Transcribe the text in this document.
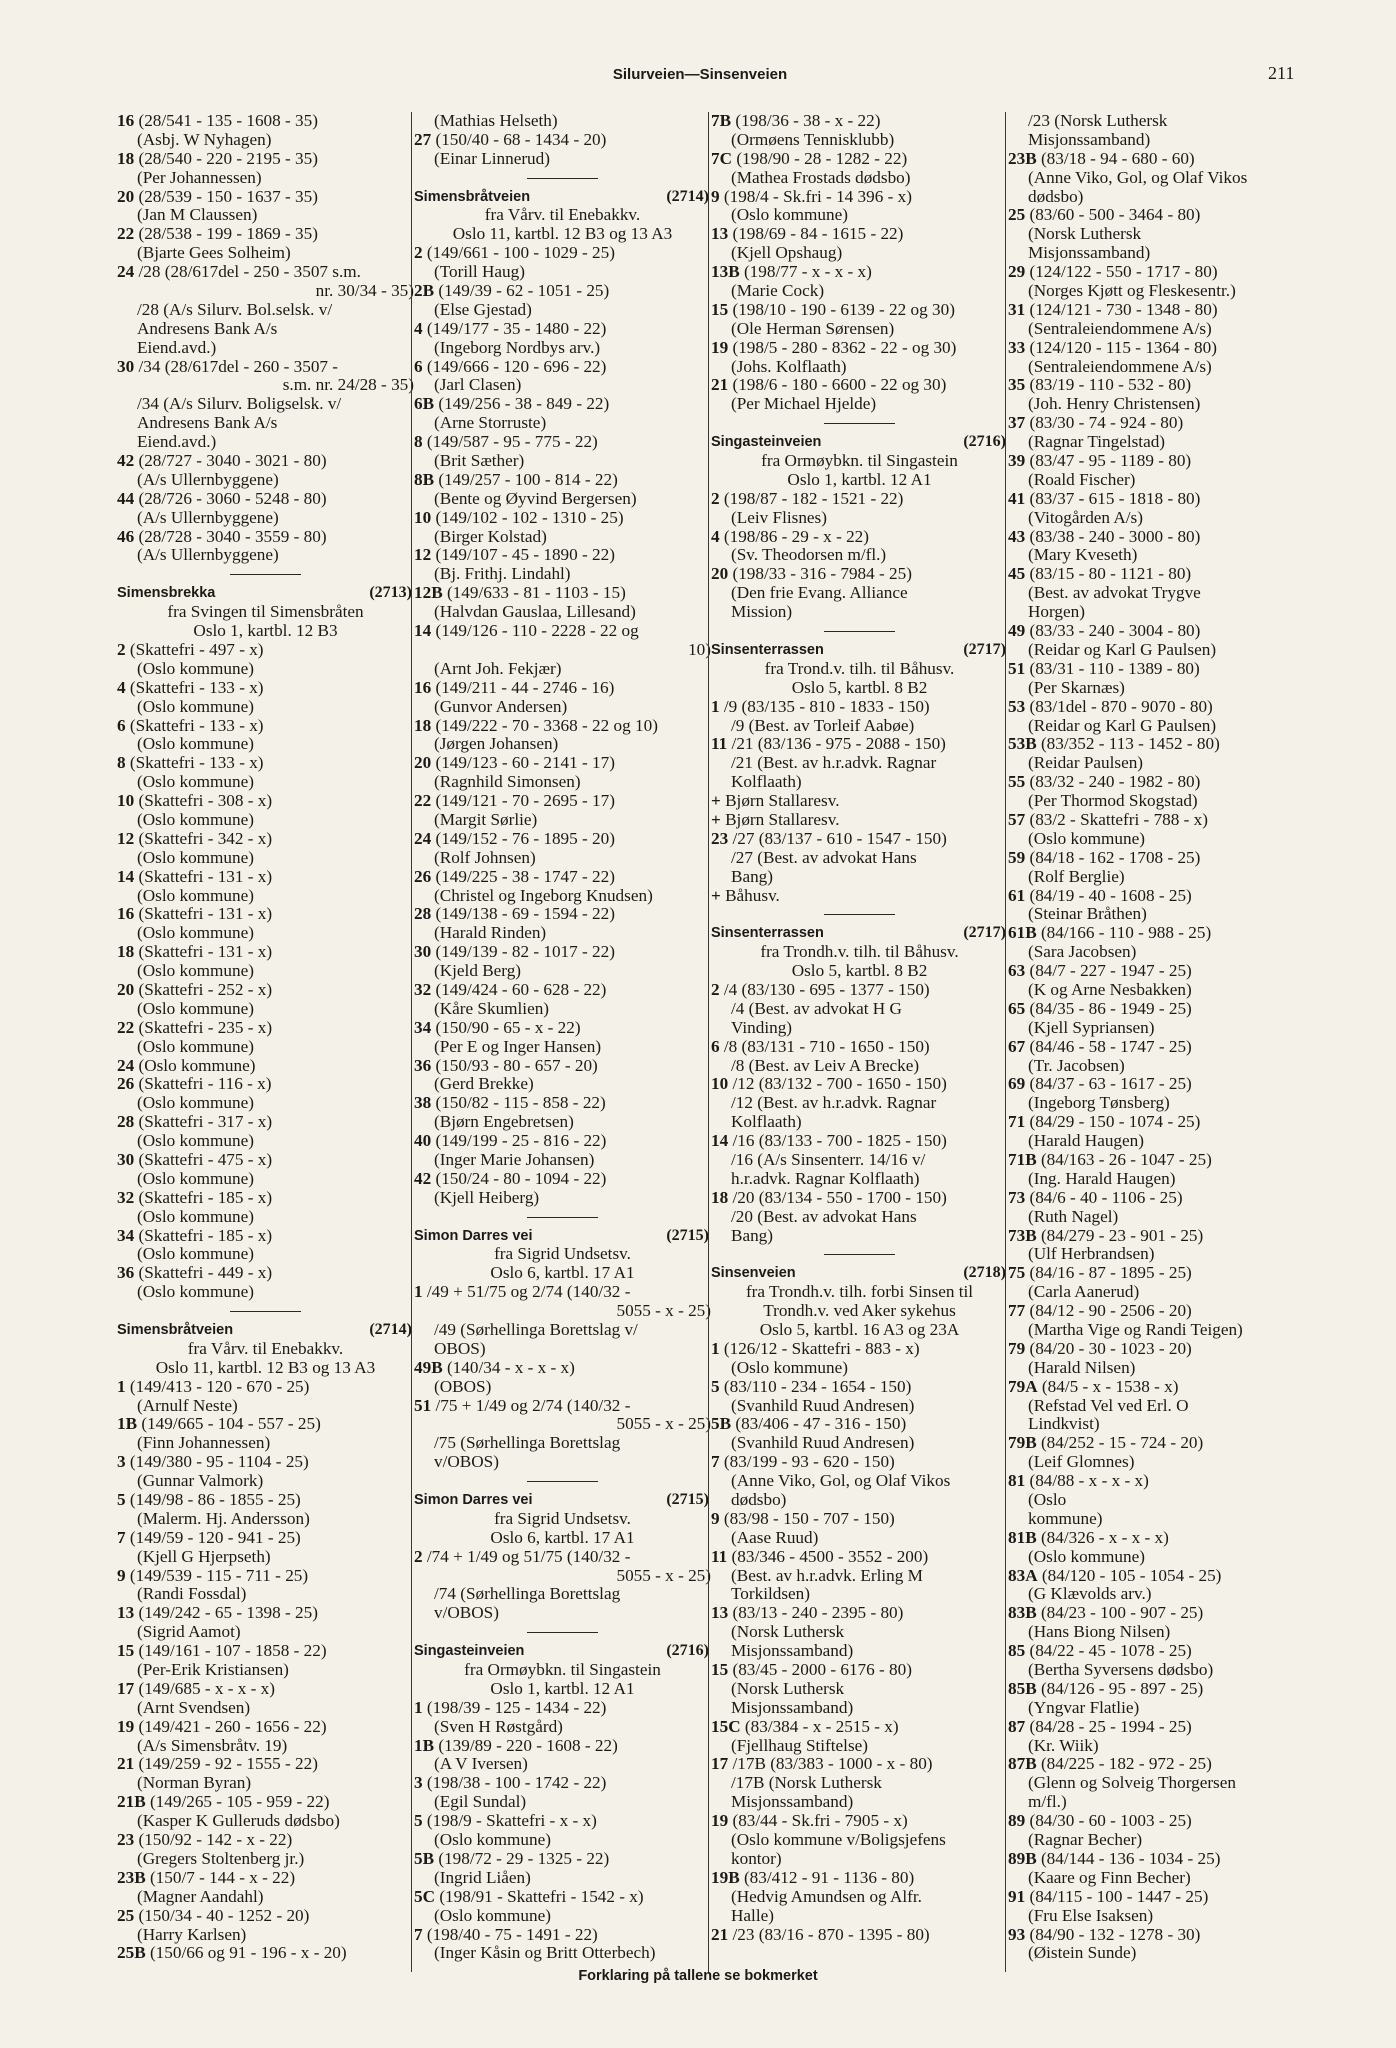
Silurveien—Sinsenveien	211
16 (28/541 - 135 - 1608 - 35)
(Asbj. W Nyhagen)
18 (28/540 - 220 - 2195 - 35)
(Per Johannessen)
20 (28/539 - 150 - 1637 - 35)
(Jan M Claussen)
22 (28/538 - 199 - 1869 - 35)
(Bjarte Gees Solheim)
24 /28 (28/617del - 250 - 3507 s.m.
nr. 30/34 - 35)
/28 (A/s Silurv. Bol.selsk. v/
Andresens Bank A/s
Eiend.avd.)
30 /34 (28/617del - 260 - 3507 -
s.m. nr. 24/28 - 35)
/34 (A/s Silurv. Boligselsk. v/
Andresens Bank A/s
Eiend.avd.)
42 (28/727 - 3040 - 3021 - 80)
(A/s Ullernbyggene)
44 (28/726 - 3060 - 5248 - 80)
(A/s Ullernbyggene)
46 (28/728 - 3040 - 3559 - 80)
(A/s Ullernbyggene)
Simensbrekka	(2713)
fra Svingen til Simensbråten
Oslo 1, kartbl. 12 B3
2 (Skattefri - 497 - x)
(Oslo kommune)
4 (Skattefri - 133 - x)
(Oslo kommune)
6 (Skattefri - 133 - x)
(Oslo kommune)
8 (Skattefri - 133 - x)
(Oslo kommune)
10 (Skattefri - 308 - x)
(Oslo kommune)
12 (Skattefri - 342 - x)
(Oslo kommune)
14 (Skattefri - 131 - x)
(Oslo kommune)
16 (Skattefri - 131 - x)
(Oslo kommune)
18 (Skattefri - 131 - x)
(Oslo kommune)
20 (Skattefri - 252 - x)
(Oslo kommune)
22 (Skattefri - 235 - x)
(Oslo kommune)
24 (Oslo kommune)
26 (Skattefri - 116 - x)
(Oslo kommune)
28 (Skattefri - 317 - x)
(Oslo kommune)
30 (Skattefri - 475 - x)
(Oslo kommune)
32 (Skattefri - 185 - x)
(Oslo kommune)
34 (Skattefri - 185 - x)
(Oslo kommune)
36 (Skattefri - 449 - x)
(Oslo kommune)
Simensbråtveien	(2714)
fra Vårv. til Enebakkv.
Oslo 11, kartbl. 12 B3 og 13 A3
1 (149/413 - 120 - 670 - 25)
(Arnulf Neste)
1B (149/665 - 104 - 557 - 25)
(Finn Johannessen)
3 (149/380 - 95 - 1104 - 25)
(Gunnar Valmork)
5 (149/98 - 86 - 1855 - 25)
(Malerm. Hj. Andersson)
7 (149/59 - 120 - 941 - 25)
(Kjell G Hjerpseth)
9 (149/539 - 115 - 711 - 25)
(Randi Fossdal)
13 (149/242 - 65 - 1398 - 25)
(Sigrid Aamot)
15 (149/161 - 107 - 1858 - 22)
(Per-Erik Kristiansen)
17 (149/685 - x - x - x)
(Arnt Svendsen)
19 (149/421 - 260 - 1656 - 22)
(A/s Simensbråtv. 19)
21 (149/259 - 92 - 1555 - 22)
(Norman Byran)
21B (149/265 - 105 - 959 - 22)
(Kasper K Gulleruds dødsbo)
23 (150/92 - 142 - x - 22)
(Gregers Stoltenberg jr.)
23B (150/7 - 144 - x - 22)
(Magner Aandahl)
25 (150/34 - 40 - 1252 - 20)
(Harry Karlsen)
25B (150/66 og 91 - 196 - x - 20)
(Mathias Helseth)
27 (150/40 - 68 - 1434 - 20)
(Einar Linnerud)
Simensbråtveien	(2714)
fra Vårv. til Enebakkv.
Oslo 11, kartbl. 12 B3 og 13 A3
2 (149/661 - 100 - 1029 - 25)
(Torill Haug)
2B (149/39 - 62 - 1051 - 25)
(Else Gjestad)
4 (149/177 - 35 - 1480 - 22)
(Ingeborg Nordbys arv.)
6 (149/666 - 120 - 696 - 22)
(Jarl Clasen)
6B (149/256 - 38 - 849 - 22)
(Arne Storruste)
8 (149/587 - 95 - 775 - 22)
(Brit Sæther)
8B (149/257 - 100 - 814 - 22)
(Bente og Øyvind Bergersen)
10 (149/102 - 102 - 1310 - 25)
(Birger Kolstad)
12 (149/107 - 45 - 1890 - 22)
(Bj. Frithj. Lindahl)
12B (149/633 - 81 - 1103 - 15)
(Halvdan Gauslaa, Lillesand)
14 (149/126 - 110 - 2228 - 22 og
10)
(Arnt Joh. Fekjær)
16 (149/211 - 44 - 2746 - 16)
(Gunvor Andersen)
18 (149/222 - 70 - 3368 - 22 og 10)
(Jørgen Johansen)
20 (149/123 - 60 - 2141 - 17)
(Ragnhild Simonsen)
22 (149/121 - 70 - 2695 - 17)
(Margit Sørlie)
24 (149/152 - 76 - 1895 - 20)
(Rolf Johnsen)
26 (149/225 - 38 - 1747 - 22)
(Christel og Ingeborg Knudsen)
28 (149/138 - 69 - 1594 - 22)
(Harald Rinden)
30 (149/139 - 82 - 1017 - 22)
(Kjeld Berg)
32 (149/424 - 60 - 628 - 22)
(Kåre Skumlien)
34 (150/90 - 65 - x - 22)
(Per E og Inger Hansen)
36 (150/93 - 80 - 657 - 20)
(Gerd Brekke)
38 (150/82 - 115 - 858 - 22)
(Bjørn Engebretsen)
40 (149/199 - 25 - 816 - 22)
(Inger Marie Johansen)
42 (150/24 - 80 - 1094 - 22)
(Kjell Heiberg)
Simon Darres vei	(2715)
fra Sigrid Undsetsv.
Oslo 6, kartbl. 17 A1
1 /49 + 51/75 og 2/74 (140/32 -
5055 - x - 25)
/49 (Sørhellinga Borettslag v/
OBOS)
49B (140/34 - x - x - x)
(OBOS)
51 /75 + 1/49 og 2/74 (140/32 -
5055 - x - 25)
/75 (Sørhellinga Borettslag
v/OBOS)
Simon Darres vei	(2715)
fra Sigrid Undsetsv.
Oslo 6, kartbl. 17 A1
2 /74 + 1/49 og 51/75 (140/32 -
5055 - x - 25)
/74 (Sørhellinga Borettslag
v/OBOS)
Singasteinveien	(2716)
fra Ormøybkn. til Singastein
Oslo 1, kartbl. 12 A1
1 (198/39 - 125 - 1434 - 22)
(Sven H Røstgård)
1B (139/89 - 220 - 1608 - 22)
(A V Iversen)
3 (198/38 - 100 - 1742 - 22)
(Egil Sundal)
5 (198/9 - Skattefri - x - x)
(Oslo kommune)
5B (198/72 - 29 - 1325 - 22)
(Ingrid Liåen)
5C (198/91 - Skattefri - 1542 - x)
(Oslo kommune)
7 (198/40 - 75 - 1491 - 22)
(Inger Kåsin og Britt Otterbech)
7B (198/36 - 38 - x - 22)
(Ormøens Tennisklubb)
7C (198/90 - 28 - 1282 - 22)
(Mathea Frostads dødsbo)
9 (198/4 - Sk.fri - 14 396 - x)
(Oslo kommune)
13 (198/69 - 84 - 1615 - 22)
(Kjell Opshaug)
13B (198/77 - x - x - x)
(Marie Cock)
15 (198/10 - 190 - 6139 - 22 og 30)
(Ole Herman Sørensen)
19 (198/5 - 280 - 8362 - 22 - og 30)
(Johs. Kolflaath)
21 (198/6 - 180 - 6600 - 22 og 30)
(Per Michael Hjelde)
Singasteinveien	(2716)
fra Ormøybkn. til Singastein
Oslo 1, kartbl. 12 A1
2 (198/87 - 182 - 1521 - 22)
(Leiv Flisnes)
4 (198/86 - 29 - x - 22)
(Sv. Theodorsen m/fl.)
20 (198/33 - 316 - 7984 - 25)
(Den frie Evang. Alliance
Mission)
Sinsenterrassen	(2717)
fra Trond.v. tilh. til Båhusv.
Oslo 5, kartbl. 8 B2
1 /9 (83/135 - 810 - 1833 - 150)
/9 (Best. av Torleif Aabøe)
11 /21 (83/136 - 975 - 2088 - 150)
/21 (Best. av h.r.advk. Ragnar
Kolflaath)
+ Bjørn Stallaresv.
+ Bjørn Stallaresv.
23 /27 (83/137 - 610 - 1547 - 150)
/27 (Best. av advokat Hans
Bang)
+ Båhusv.
Sinsenterrassen	(2717)
fra Trondh.v. tilh. til Båhusv.
Oslo 5, kartbl. 8 B2
2 /4 (83/130 - 695 - 1377 - 150)
/4 (Best. av advokat H G
Vinding)
6 /8 (83/131 - 710 - 1650 - 150)
/8 (Best. av Leiv A Brecke)
10 /12 (83/132 - 700 - 1650 - 150)
/12 (Best. av h.r.advk. Ragnar
Kolflaath)
14 /16 (83/133 - 700 - 1825 - 150)
/16 (A/s Sinsenterr. 14/16 v/
h.r.advk. Ragnar Kolflaath)
18 /20 (83/134 - 550 - 1700 - 150)
/20 (Best. av advokat Hans
Bang)
Sinsenveien	(2718)
fra Trondh.v. tilh. forbi Sinsen til
Trondh.v. ved Aker sykehus
Oslo 5, kartbl. 16 A3 og 23A
1 (126/12 - Skattefri - 883 - x)
(Oslo kommune)
5 (83/110 - 234 - 1654 - 150)
(Svanhild Ruud Andresen)
5B (83/406 - 47 - 316 - 150)
(Svanhild Ruud Andresen)
7 (83/199 - 93 - 620 - 150)
(Anne Viko, Gol, og Olaf Vikos
dødsbo)
9 (83/98 - 150 - 707 - 150)
(Aase Ruud)
11 (83/346 - 4500 - 3552 - 200)
(Best. av h.r.advk. Erling M
Torkildsen)
13 (83/13 - 240 - 2395 - 80)
(Norsk Luthersk
Misjonssamband)
15 (83/45 - 2000 - 6176 - 80)
(Norsk Luthersk
Misjonssamband)
15C (83/384 - x - 2515 - x)
(Fjellhaug Stiftelse)
17 /17B (83/383 - 1000 - x - 80)
/17B (Norsk Luthersk
Misjonssamband)
19 (83/44 - Sk.fri - 7905 - x)
(Oslo kommune v/Boligsjefens
kontor)
19B (83/412 - 91 - 1136 - 80)
(Hedvig Amundsen og Alfr.
Halle)
21 /23 (83/16 - 870 - 1395 - 80)
/23 (Norsk Luthersk
Misjonssamband)
23B (83/18 - 94 - 680 - 60)
(Anne Viko, Gol, og Olaf Vikos
dødsbo)
25 (83/60 - 500 - 3464 - 80)
(Norsk Luthersk
Misjonssamband)
29 (124/122 - 550 - 1717 - 80)
(Norges Kjøtt og Fleskesentr.)
31 (124/121 - 730 - 1348 - 80)
(Sentraleiendommene A/s)
33 (124/120 - 115 - 1364 - 80)
(Sentraleiendommene A/s)
35 (83/19 - 110 - 532 - 80)
(Joh. Henry Christensen)
37 (83/30 - 74 - 924 - 80)
(Ragnar Tingelstad)
39 (83/47 - 95 - 1189 - 80)
(Roald Fischer)
41 (83/37 - 615 - 1818 - 80)
(Vitogården A/s)
43 (83/38 - 240 - 3000 - 80)
(Mary Kveseth)
45 (83/15 - 80 - 1121 - 80)
(Best. av advokat Trygve
Horgen)
49 (83/33 - 240 - 3004 - 80)
(Reidar og Karl G Paulsen)
51 (83/31 - 110 - 1389 - 80)
(Per Skarnæs)
53 (83/1del - 870 - 9070 - 80)
(Reidar og Karl G Paulsen)
53B (83/352 - 113 - 1452 - 80)
(Reidar Paulsen)
55 (83/32 - 240 - 1982 - 80)
(Per Thormod Skogstad)
57 (83/2 - Skattefri - 788 - x)
(Oslo kommune)
59 (84/18 - 162 - 1708 - 25)
(Rolf Berglie)
61 (84/19 - 40 - 1608 - 25)
(Steinar Bråthen)
61B (84/166 - 110 - 988 - 25)
(Sara Jacobsen)
63 (84/7 - 227 - 1947 - 25)
(K og Arne Nesbakken)
65 (84/35 - 86 - 1949 - 25)
(Kjell Sypriansen)
67 (84/46 - 58 - 1747 - 25)
(Tr. Jacobsen)
69 (84/37 - 63 - 1617 - 25)
(Ingeborg Tønsberg)
71 (84/29 - 150 - 1074 - 25)
(Harald Haugen)
71B (84/163 - 26 - 1047 - 25)
(Ing. Harald Haugen)
73 (84/6 - 40 - 1106 - 25)
(Ruth Nagel)
73B (84/279 - 23 - 901 - 25)
(Ulf Herbrandsen)
75 (84/16 - 87 - 1895 - 25)
(Carla Aanerud)
77 (84/12 - 90 - 2506 - 20)
(Martha Vige og Randi Teigen)
79 (84/20 - 30 - 1023 - 20)
(Harald Nilsen)
79A (84/5 - x - 1538 - x)
(Refstad Vel ved Erl. O
Lindkvist)
79B (84/252 - 15 - 724 - 20)
(Leif Glomnes)
81 (84/88 - x - x - x)
(Oslo
kommune)
81B (84/326 - x - x - x)
(Oslo kommune)
83A (84/120 - 105 - 1054 - 25)
(G Klævolds arv.)
83B (84/23 - 100 - 907 - 25)
(Hans Biong Nilsen)
85 (84/22 - 45 - 1078 - 25)
(Bertha Syversens dødsbo)
85B (84/126 - 95 - 897 - 25)
(Yngvar Flatlie)
87 (84/28 - 25 - 1994 - 25)
(Kr. Wiik)
87B (84/225 - 182 - 972 - 25)
(Glenn og Solveig Thorgersen
m/fl.)
89 (84/30 - 60 - 1003 - 25)
(Ragnar Becher)
89B (84/144 - 136 - 1034 - 25)
(Kaare og Finn Becher)
91 (84/115 - 100 - 1447 - 25)
(Fru Else Isaksen)
93 (84/90 - 132 - 1278 - 30)
(Øistein Sunde)
Forklaring på tallene se bokmerket
